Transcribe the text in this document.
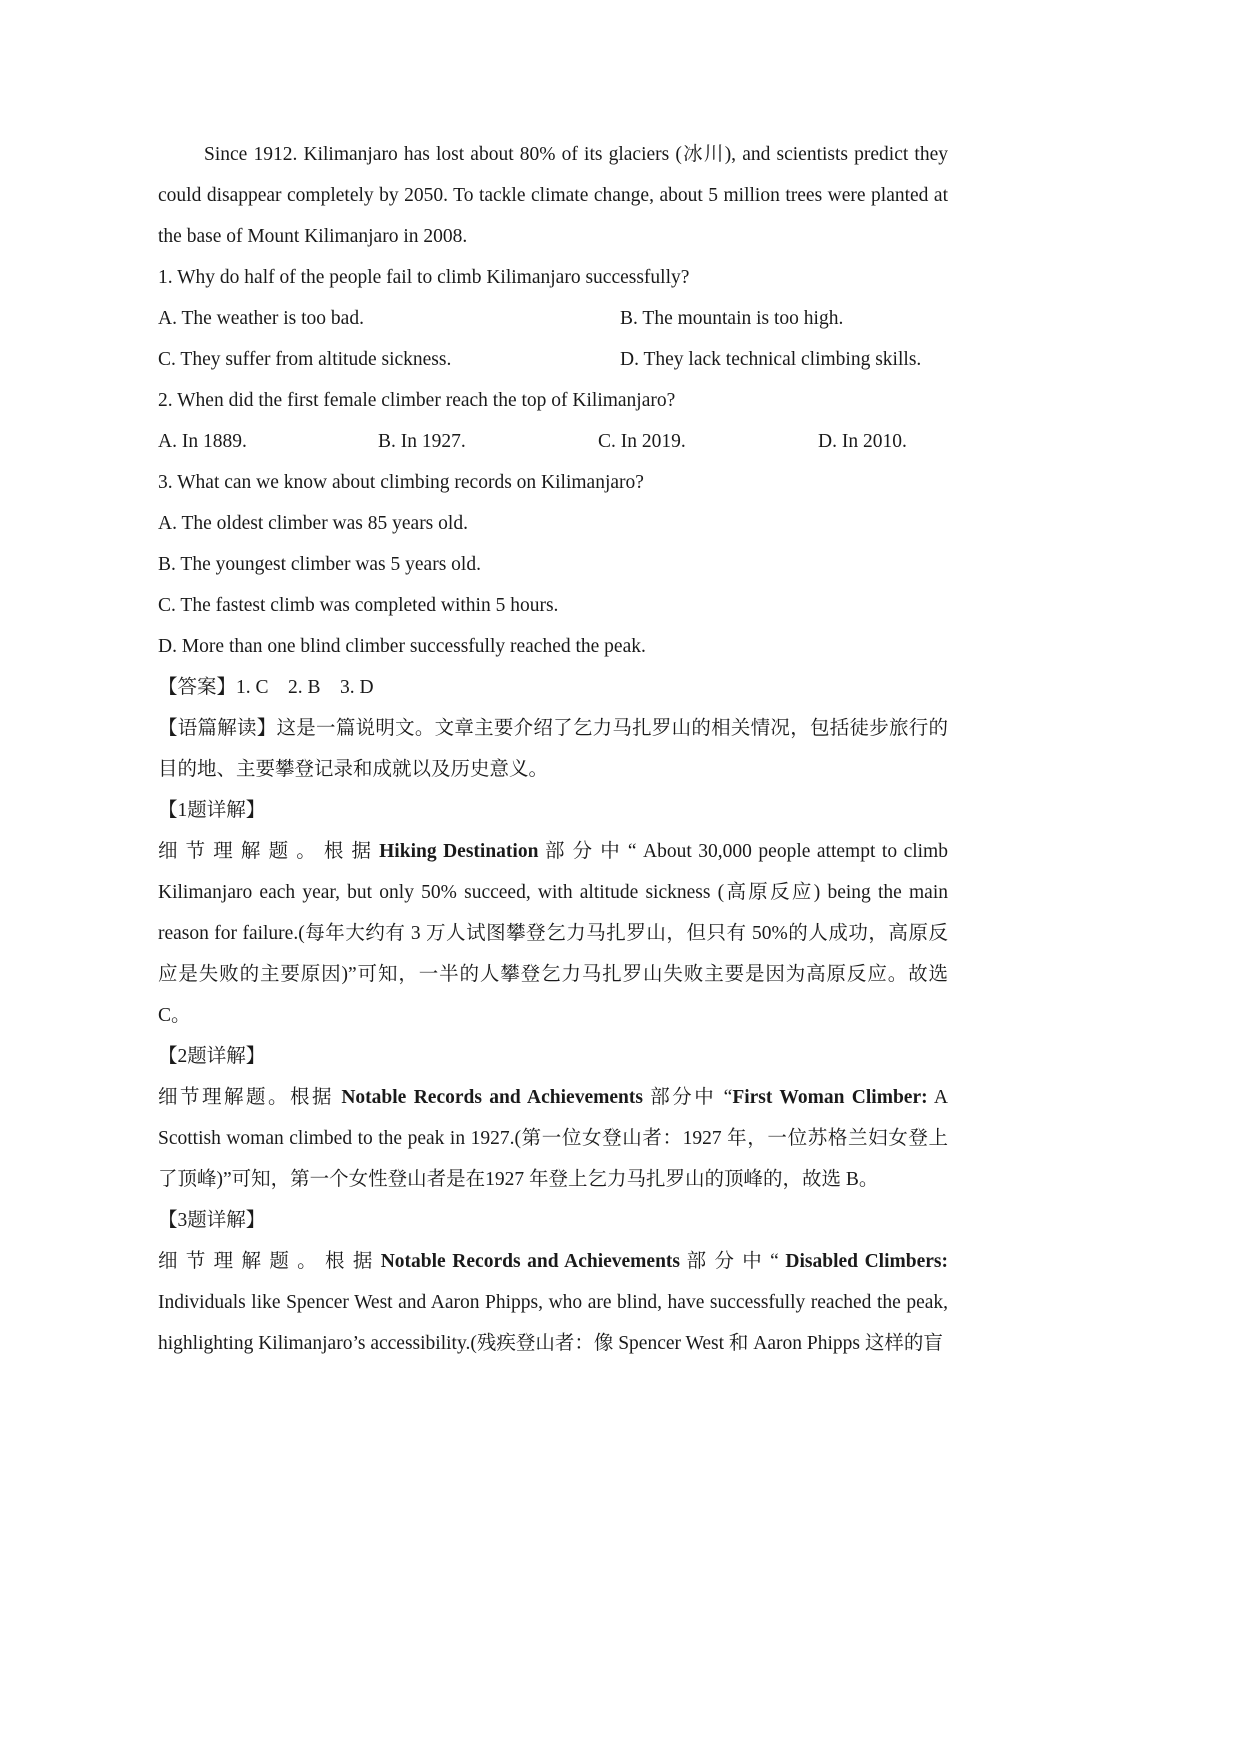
Since 1912. Kilimanjaro has lost about 80% of its glaciers (冰川), and scientists predict they could disappear completely by 2050. To tackle climate change, about 5 million trees were planted at the base of Mount Kilimanjaro in 2008.

1. Why do half of the people fail to climb Kilimanjaro successfully?

A. The weather is too bad.	B. The mountain is too high.
C. They suffer from altitude sickness.	D. They lack technical climbing skills.

2. When did the first female climber reach the top of Kilimanjaro?

A. In 1889.	B. In 1927.	C. In 2019.	D. In 2010.

3. What can we know about climbing records on Kilimanjaro?

A. The oldest climber was 85 years old.

B. The youngest climber was 5 years old.

C. The fastest climb was completed within 5 hours.

D. More than one blind climber successfully reached the peak.

【答案】1. C　2. B　3. D

【语篇解读】这是一篇说明文。文章主要介绍了乞力马扎罗山的相关情况，包括徒步旅行的目的地、主要攀登记录和成就以及历史意义。

【1题详解】

细 节 理 解 题 。 根 据 Hiking Destination 部 分 中 “ About 30,000 people attempt to climb Kilimanjaro each year, but only 50% succeed, with altitude sickness (高原反应) being the main reason for failure.(每年大约有 3 万人试图攀登乞力马扎罗山，但只有 50%的人成功，高原反应是失败的主要原因)”可知，一半的人攀登乞力马扎罗山失败主要是因为高原反应。故选 C。

【2题详解】

细节理解题。根据 Notable Records and Achievements 部分中 “First Woman Climber: A Scottish woman climbed to the peak in 1927.(第一位女登山者：1927 年，一位苏格兰妇女登上了顶峰)”可知，第一个女性登山者是在1927 年登上乞力马扎罗山的顶峰的，故选 B。

【3题详解】

细 节 理 解 题 。 根 据 Notable Records and Achievements 部 分 中 “ Disabled Climbers: Individuals like Spencer West and Aaron Phipps, who are blind, have successfully reached the peak, highlighting Kilimanjaro’s accessibility.(残疾登山者：像 Spencer West 和 Aaron Phipps 这样的盲
